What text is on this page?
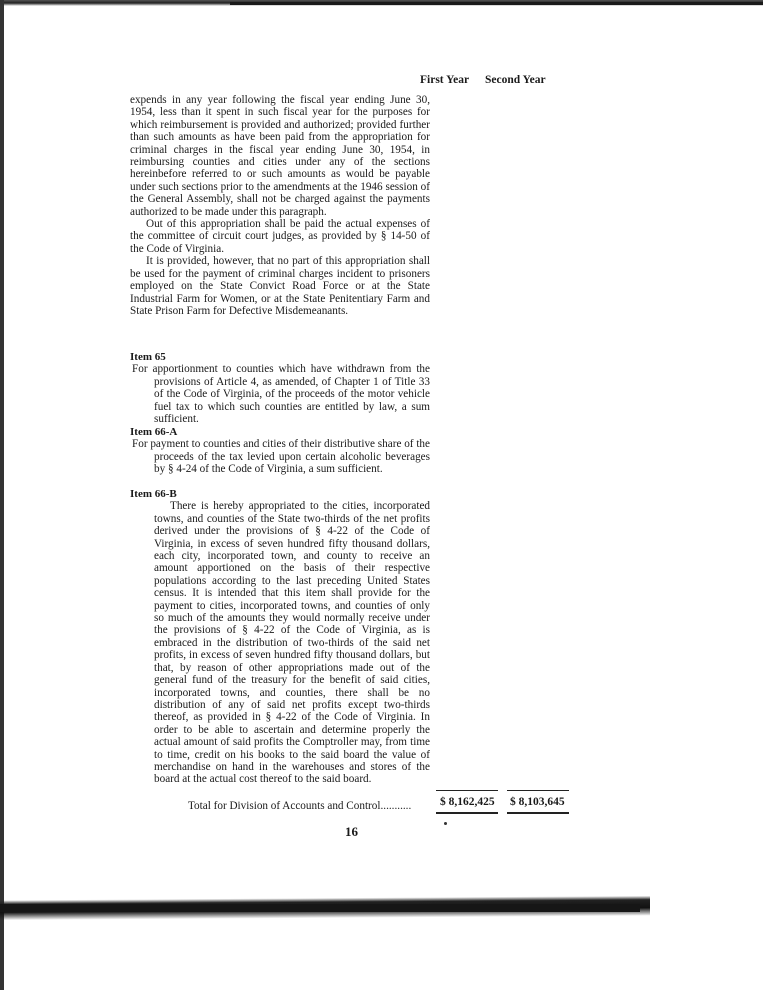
First Year Second Year

expends in any year following the fiscal year ending June 30, 1954, less than it spent in such fiscal year for the purposes for which reimbursement is provided and authorized; provided further than such amounts as have been paid from the appropriation for criminal charges in the fiscal year ending June 30, 1954, in reimbursing counties and cities under any of the sections hereinbefore referred to or such amounts as would be payable under such sections prior to the amendments at the 1946 session of the General Assembly, shall not be charged against the payments authorized to be made under this paragraph.

Out of this appropriation shall be paid the actual expenses of the committee of circuit court judges, as provided by § 14-50 of the Code of Virginia.

It is provided, however, that no part of this appropriation shall be used for the payment of criminal charges incident to prisoners employed on the State Convict Road Force or at the State Industrial Farm for Women, or at the State Penitentiary Farm and State Prison Farm for Defective Misdemeanants.

Item 65

For apportionment to counties which have withdrawn from the provisions of Article 4, as amended, of Chapter 1 of Title 33 of the Code of Virginia, of the proceeds of the motor vehicle fuel tax to which such counties are entitled by law, a sum sufficient.

Item 66-A

For payment to counties and cities of their distributive share of the proceeds of the tax levied upon certain alcoholic beverages by § 4-24 of the Code of Virginia, a sum sufficient.

Item 66-B

There is hereby appropriated to the cities, incorporated towns, and counties of the State two-thirds of the net profits derived under the provisions of § 4-22 of the Code of Virginia, in excess of seven hundred fifty thousand dollars, each city, incorporated town, and county to receive an amount apportioned on the basis of their respective populations according to the last preceding United States census. It is intended that this item shall provide for the payment to cities, incorporated towns, and counties of only so much of the amounts they would normally receive under the provisions of § 4-22 of the Code of Virginia, as is embraced in the distribution of two-thirds of the said net profits, in excess of seven hundred fifty thousand dollars, but that, by reason of other appropriations made out of the general fund of the treasury for the benefit of said cities, incorporated towns, and counties, there shall be no distribution of any of said net profits except two-thirds thereof, as provided in § 4-22 of the Code of Virginia. In order to be able to ascertain and determine properly the actual amount of said profits the Comptroller may, from time to time, credit on his books to the said board the value of merchandise on hand in the warehouses and stores of the board at the actual cost thereof to the said board.

Total for Division of Accounts and Control........... $ 8,162,425 $ 8,103,645
16
